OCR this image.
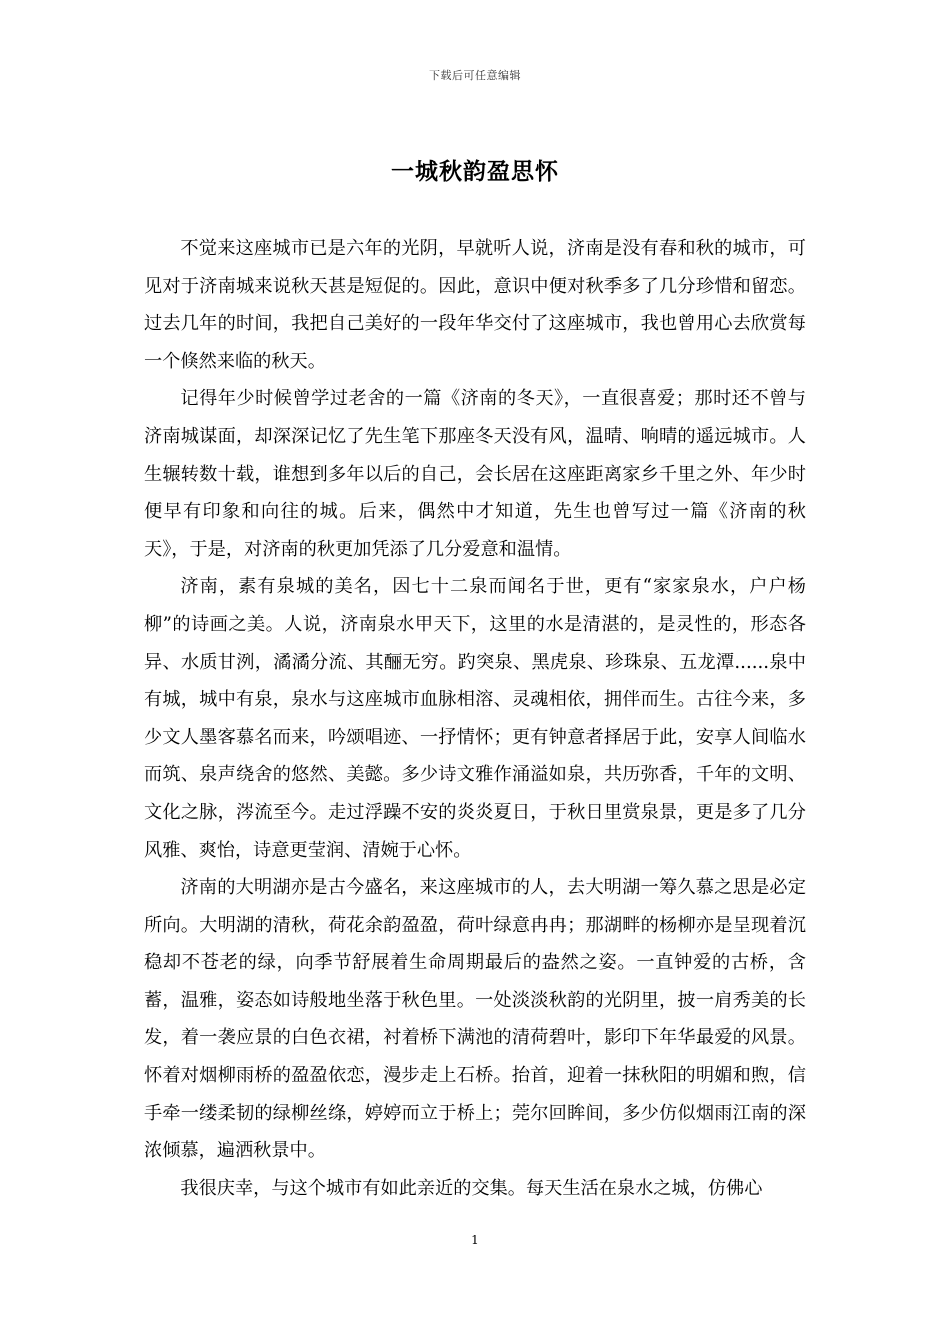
下载后可任意编辑
一城秋韵盈思怀

不觉来这座城市已是六年的光阴，早就听人说，济南是没有春和秋的城市，可见对于济南城来说秋天甚是短促的。因此，意识中便对秋季多了几分珍惜和留恋。过去几年的时间，我把自己美好的一段年华交付了这座城市，我也曾用心去欣赏每一个倏然来临的秋天。

记得年少时候曾学过老舍的一篇《济南的冬天》，一直很喜爱；那时还不曾与济南城谋面，却深深记忆了先生笔下那座冬天没有风，温晴、响晴的遥远城市。人生辗转数十载，谁想到多年以后的自己，会长居在这座距离家乡千里之外、年少时便早有印象和向往的城。后来，偶然中才知道，先生也曾写过一篇《济南的秋天》，于是，对济南的秋更加凭添了几分爱意和温情。

济南，素有泉城的美名，因七十二泉而闻名于世，更有“家家泉水，户户杨柳”的诗画之美。人说，济南泉水甲天下，这里的水是清湛的，是灵性的，形态各异、水质甘洌，潏潏分流、其酾无穷。趵突泉、黑虎泉、珍珠泉、五龙潭......泉中有城，城中有泉，泉水与这座城市血脉相溶、灵魂相依，拥伴而生。古往今来，多少文人墨客慕名而来，吟颂唱迹、一抒情怀；更有钟意者择居于此，安享人间临水而筑、泉声绕舍的悠然、美懿。多少诗文雅作涌溢如泉，共历弥香，千年的文明、文化之脉，涔流至今。走过浮躁不安的炎炎夏日，于秋日里赏泉景，更是多了几分风雅、爽怡，诗意更莹润、清婉于心怀。

济南的大明湖亦是古今盛名，来这座城市的人，去大明湖一筹久慕之思是必定所向。大明湖的清秋，荷花余韵盈盈，荷叶绿意冉冉；那湖畔的杨柳亦是呈现着沉稳却不苍老的绿，向季节舒展着生命周期最后的盎然之姿。一直钟爱的古桥，含蓄，温雅，姿态如诗般地坐落于秋色里。一处淡淡秋韵的光阴里，披一肩秀美的长发，着一袭应景的白色衣裙，衬着桥下满池的清荷碧叶，影印下年华最爱的风景。怀着对烟柳雨桥的盈盈依恋，漫步走上石桥。抬首，迎着一抹秋阳的明媚和煦，信手牵一缕柔韧的绿柳丝绦，婷婷而立于桥上；莞尔回眸间，多少仿似烟雨江南的深浓倾慕，遍洒秋景中。

我很庆幸，与这个城市有如此亲近的交集。每天生活在泉水之城，仿佛心

1
